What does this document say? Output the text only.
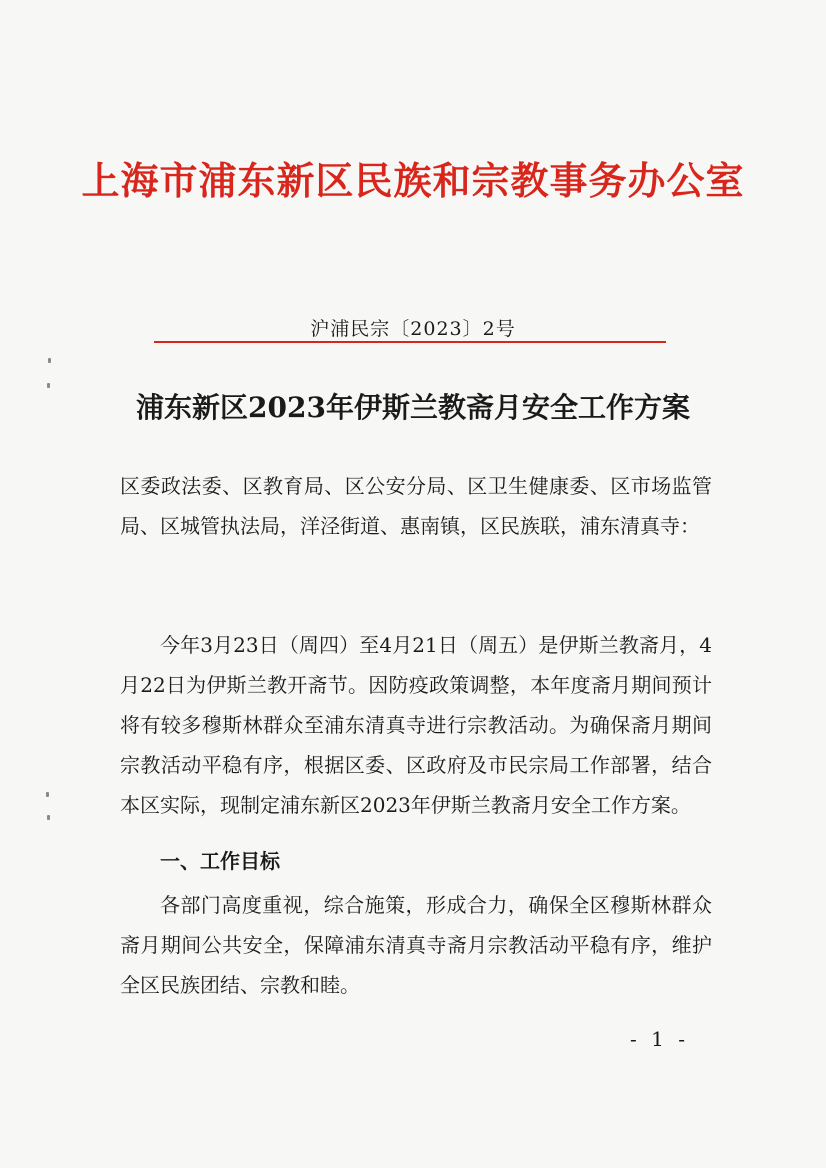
上海市浦东新区民族和宗教事务办公室
沪浦民宗〔2023〕2号
浦东新区2023年伊斯兰教斋月安全工作方案
区委政法委、区教育局、区公安分局、区卫生健康委、区市场监管局、区城管执法局，洋泾街道、惠南镇，区民族联，浦东清真寺：
今年3月23日（周四）至4月21日（周五）是伊斯兰教斋月，4月22日为伊斯兰教开斋节。因防疫政策调整，本年度斋月期间预计将有较多穆斯林群众至浦东清真寺进行宗教活动。为确保斋月期间宗教活动平稳有序，根据区委、区政府及市民宗局工作部署，结合本区实际，现制定浦东新区2023年伊斯兰教斋月安全工作方案。
一、工作目标
各部门高度重视，综合施策，形成合力，确保全区穆斯林群众斋月期间公共安全，保障浦东清真寺斋月宗教活动平稳有序，维护全区民族团结、宗教和睦。
- 1 -
